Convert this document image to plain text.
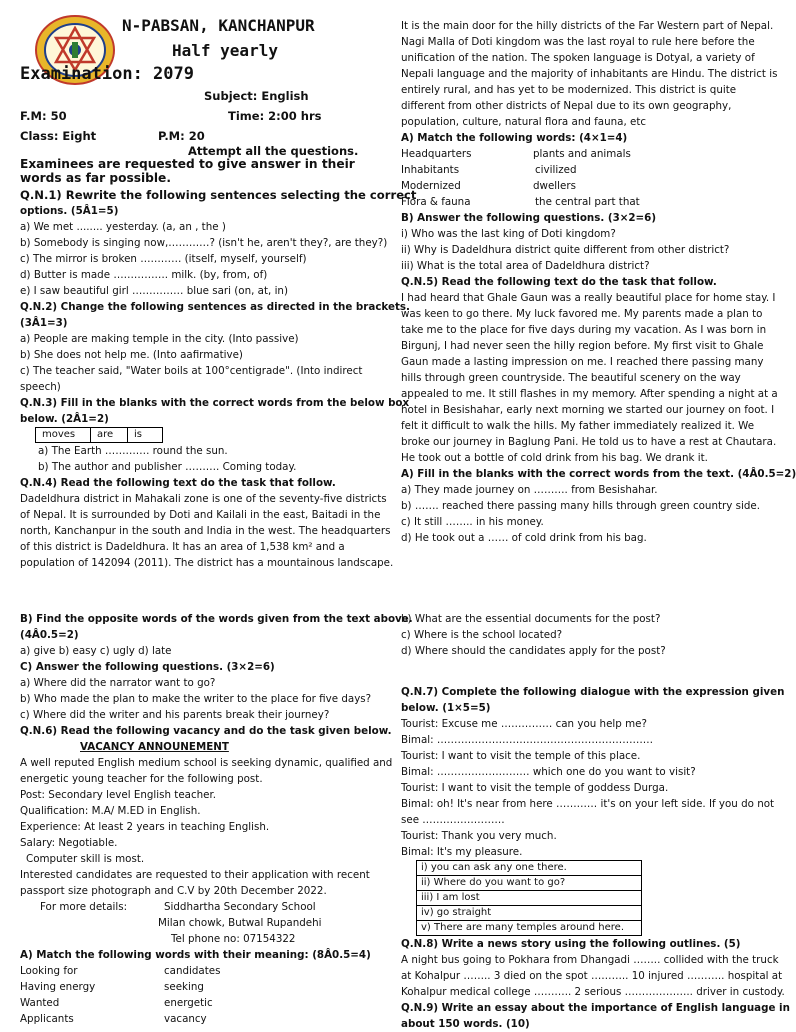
N-PABSAN, KANCHANPUR
Half yearly
Examination: 2079
Subject: English
F.M: 50	Time: 2:00 hrs
Class: Eight	P.M: 20
Attempt all the questions.
Examinees are requested to give answer in their
words as far possible.
Q.N.1) Rewrite the following sentences selecting the correct
options. (5Â1=5)
a) We met ........ yesterday. (a, an , the )
b) Somebody is singing now,…………? (isn't he, aren't they?, are they?)
c) The mirror is broken ………… (itself, myself, yourself)
d) Butter is made ……………. milk. (by, from, of)
e) I saw beautiful girl …………… blue sari (on, at, in)
Q.N.2) Change the following sentences as directed in the brackets.
(3Â1=3)
a) People are making temple in the city. (Into passive)
b) She does not help me. (Into aafirmative)
c) The teacher said, "Water boils at 100°centigrade". (Into indirect
speech)
Q.N.3) Fill in the blanks with the correct words from the below box
below. (2Â1=2)
moves	are	is
a) The Earth …………. round the sun.
b) The author and publisher ………. Coming today.
Q.N.4) Read the following text do the task that follow.
Dadeldhura district in Mahakali zone is one of the seventy-five districts
of Nepal. It is surrounded by Doti and Kailali in the east, Baitadi in the
north, Kanchanpur in the south and India in the west. The headquarters
of this district is Dadeldhura. It has an area of 1,538 km² and a
population of 142094 (2011). The district has a mountainous landscape.
It is the main door for the hilly districts of the Far Western part of Nepal.
Nagi Malla of Doti kingdom was the last royal to rule here before the
unification of the nation. The spoken language is Dotyal, a variety of
Nepali language and the majority of inhabitants are Hindu. The district is
entirely rural, and has yet to be modernized. This district is quite
different from other districts of Nepal due to its own geography,
population, culture, natural flora and fauna, etc
A) Match the following words: (4×1=4)
Headquarters	plants and animals
Inhabitants	civilized
Modernized	dwellers
Flora & fauna	the central part that
B) Answer the following questions. (3×2=6)
i) Who was the last king of Doti kingdom?
ii) Why is Dadeldhura district quite different from other district?
iii) What is the total area of Dadeldhura district?
Q.N.5) Read the following text do the task that follow.
I had heard that Ghale Gaun was a really beautiful place for home stay. I
was keen to go there. My luck favored me. My parents made a plan to
take me to the place for five days during my vacation. As I was born in
Birgunj, I had never seen the hilly region before. My first visit to Ghale
Gaun made a lasting impression on me. I reached there passing many
hills through green countryside. The beautiful scenery on the way
appealed to me. It still flashes in my memory. After spending a night at a
hotel in Besishahar, early next morning we started our journey on foot. I
felt it difficult to walk the hills. My father immediately realized it. We
broke our journey in Baglung Pani. He told us to have a rest at Chautara.
He took out a bottle of cold drink from his bag. We drank it.
A) Fill in the blanks with the correct words from the text. (4Â0.5=2)
a) They made journey on ………. from Besishahar.
b) ……. reached there passing many hills through green country side.
c) It still …….. in his money.
d) He took out a …… of cold drink from his bag.
B) Find the opposite words of the words given from the text above.
(4Â0.5=2)
a) give b) easy c) ugly d) late
C) Answer the following questions. (3×2=6)
a) Where did the narrator want to go?
b) Who made the plan to make the writer to the place for five days?
c) Where did the writer and his parents break their journey?
Q.N.6) Read the following vacancy and do the task given below.
VACANCY ANNOUNEMENT
A well reputed English medium school is seeking dynamic, qualified and
energetic young teacher for the following post.
Post: Secondary level English teacher.
Qualification: M.A/ M.ED in English.
Experience: At least 2 years in teaching English.
Salary: Negotiable.
Computer skill is most.
Interested candidates are requested to their application with recent
passport size photograph and C.V by 20th December 2022.
For more details:	Siddhartha Secondary School
Milan chowk, Butwal Rupandehi
Tel phone no: 07154322
A) Match the following words with their meaning: (8Â0.5=4)
Looking for	candidates
Having energy	seeking
Wanted	energetic
Applicants	vacancy
b) What are the essential documents for the post?
c) Where is the school located?
d) Where should the candidates apply for the post?
Q.N.7) Complete the following dialogue with the expression given
below. (1×5=5)
Tourist: Excuse me …………… can you help me?
Bimal: ………………………………………………………
Tourist: I want to visit the temple of this place.
Bimal: ……………………… which one do you want to visit?
Tourist: I want to visit the temple of goddess Durga.
Bimal: oh! It's near from here ………… it's on your left side. If you do not
see ……………………
Tourist: Thank you very much.
Bimal: It's my pleasure.
i) you can ask any one there.
ii) Where do you want to go?
iii) I am lost
iv) go straight
v) There are many temples around here.
Q.N.8) Write a news story using the following outlines. (5)
A night bus going to Pokhara from Dhangadi …….. collided with the truck
at Kohalpur …….. 3 died on the spot ……….. 10 injured ……….. hospital at
Kohalpur medical college ……….. 2 serious ……………….. driver in custody.
Q.N.9) Write an essay about the importance of English language in
about 150 words. (10)
